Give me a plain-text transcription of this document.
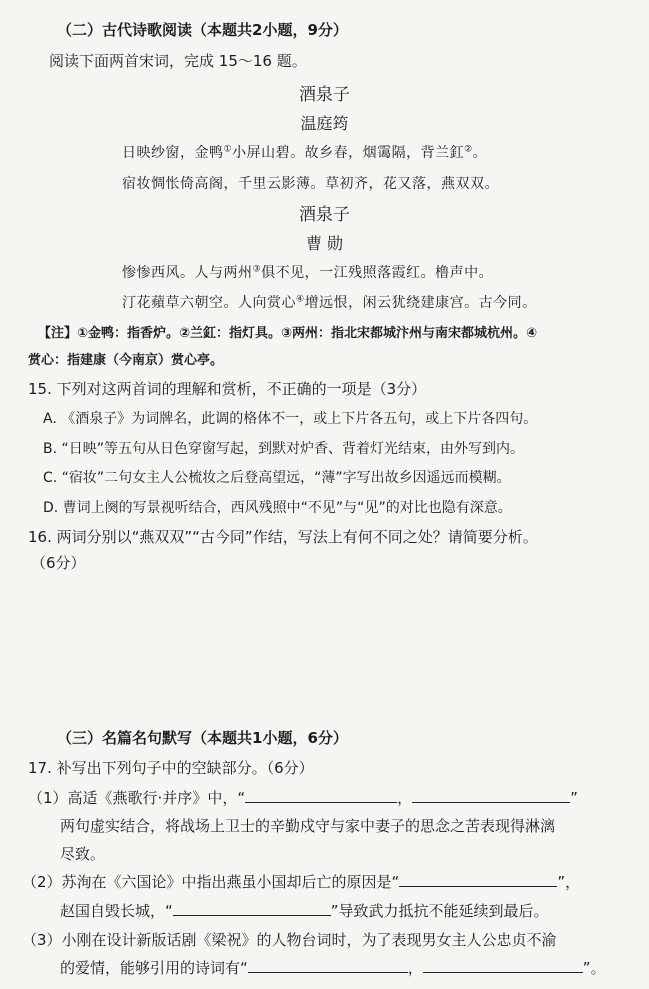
（二）古代诗歌阅读（本题共2小题，9分）
阅读下面两首宋词，完成 15～16 题。
酒泉子
温庭筠
日映纱窗，金鸭①小屏山碧。故乡春，烟霭隔，背兰釭②。
宿妆惆怅倚高阁，千里云影薄。草初齐，花又落，燕双双。
酒泉子
曹 勋
惨惨西风。人与两州③俱不见，一江残照落霞红。橹声中。
汀花蘋草六朝空。人向赏心④增远恨，闲云犹绕建康宫。古今同。
【注】①金鸭：指香炉。②兰釭：指灯具。③两州：指北宋都城汴州与南宋都城杭州。④
赏心：指建康（今南京）赏心亭。
15. 下列对这两首词的理解和赏析，不正确的一项是（3分）
A. 《酒泉子》为词牌名，此调的格体不一，或上下片各五句，或上下片各四句。
B. “日映”等五句从日色穿窗写起，到默对炉香、背着灯光结束，由外写到内。
C. “宿妆”二句女主人公梳妆之后登高望远，“薄”字写出故乡因遥远而模糊。
D. 曹词上阕的写景视听结合，西风残照中“不见”与“见”的对比也隐有深意。
16. 两词分别以“燕双双”“古今同”作结，写法上有何不同之处？请简要分析。
（6分）
（三）名篇名句默写（本题共1小题，6分）
17. 补写出下列句子中的空缺部分。（6分）
（1）高适《燕歌行·并序》中，“	，	”
两句虚实结合，将战场上卫士的辛勤戍守与家中妻子的思念之苦表现得淋漓
尽致。
（2）苏洵在《六国论》中指出燕虽小国却后亡的原因是“	”，
赵国自毁长城，“	”导致武力抵抗不能延续到最后。
（3）小刚在设计新版话剧《梁祝》的人物台词时，为了表现男女主人公忠贞不渝
的爱情，能够引用的诗词有“	，	”。
